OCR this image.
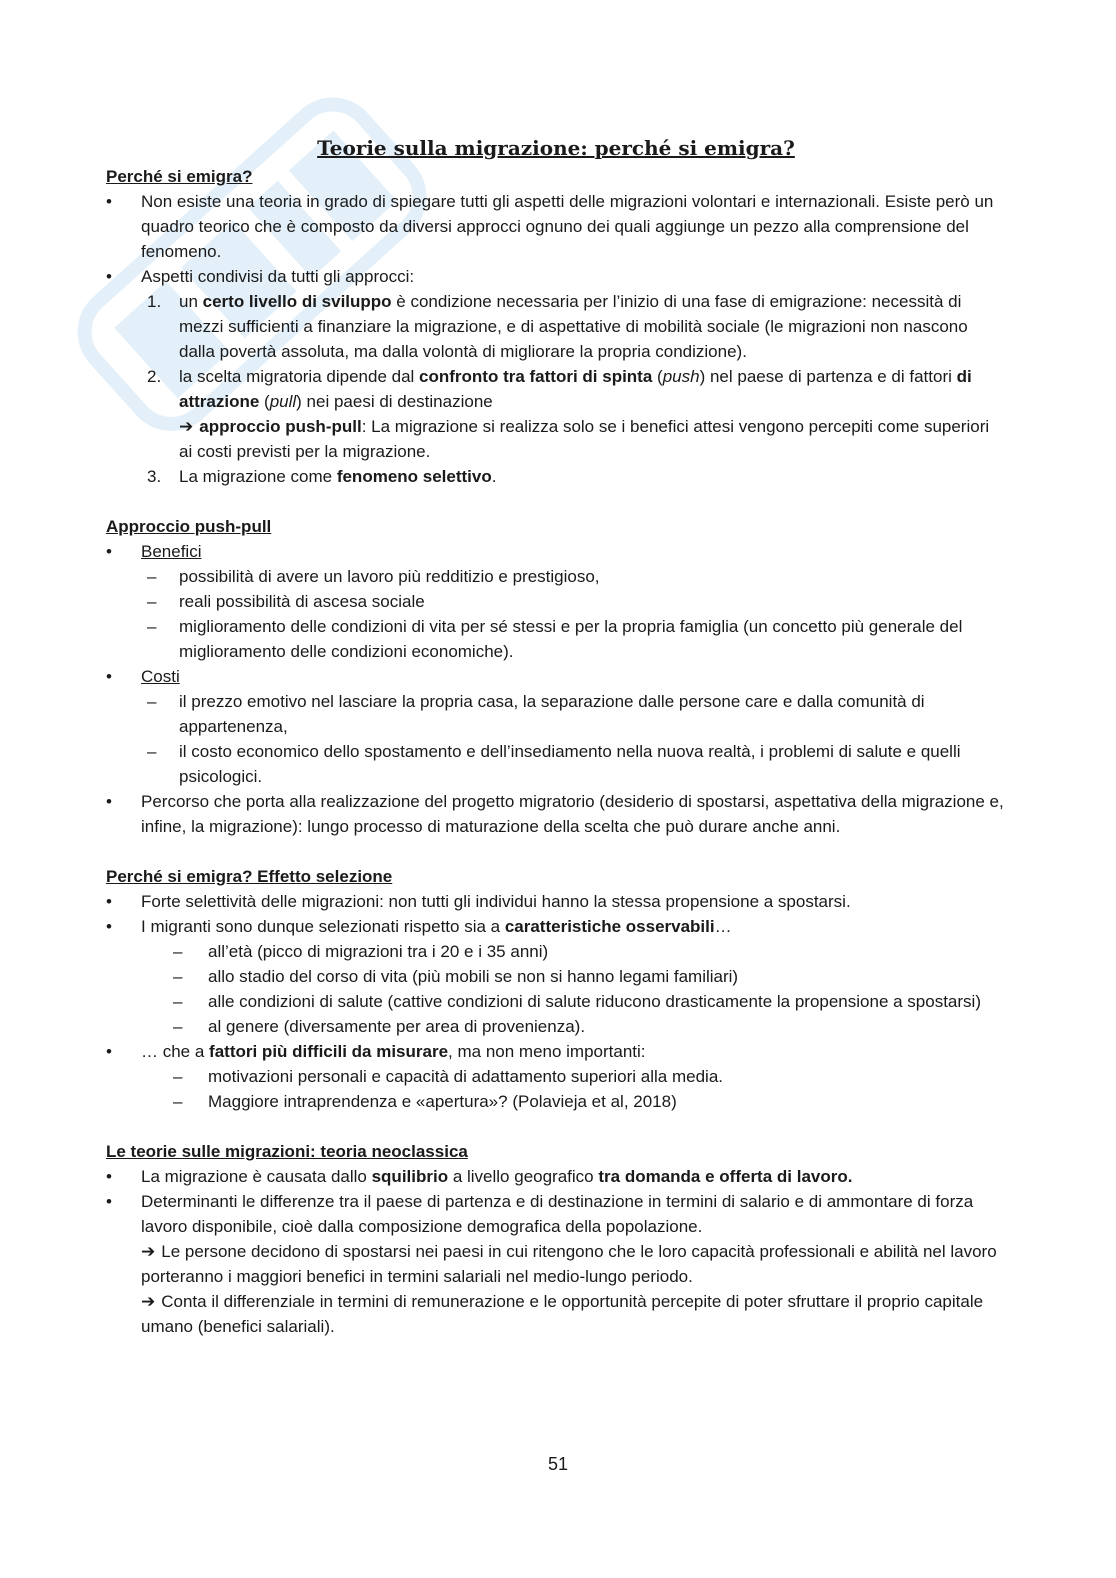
Teorie sulla migrazione: perché si emigra?

Perché si emigra?

• Non esiste una teoria in grado di spiegare tutti gli aspetti delle migrazioni volontari e internazionali. Esiste però un quadro teorico che è composto da diversi approcci ognuno dei quali aggiunge un pezzo alla comprensione del fenomeno.
• Aspetti condivisi da tutti gli approcci:
1. un certo livello di sviluppo è condizione necessaria per l’inizio di una fase di emigrazione: necessità di mezzi sufficienti a finanziare la migrazione, e di aspettative di mobilità sociale (le migrazioni non nascono dalla povertà assoluta, ma dalla volontà di migliorare la propria condizione).
2. la scelta migratoria dipende dal confronto tra fattori di spinta (push) nel paese di partenza e di fattori di attrazione (pull) nei paesi di destinazione
➔ approccio push-pull: La migrazione si realizza solo se i benefici attesi vengono percepiti come superiori ai costi previsti per la migrazione.
3. La migrazione come fenomeno selettivo.

Approccio push-pull

• Benefici
– possibilità di avere un lavoro più redditizio e prestigioso,
– reali possibilità di ascesa sociale
– miglioramento delle condizioni di vita per sé stessi e per la propria famiglia (un concetto più generale del miglioramento delle condizioni economiche).
• Costi
– il prezzo emotivo nel lasciare la propria casa, la separazione dalle persone care e dalla comunità di appartenenza,
– il costo economico dello spostamento e dell’insediamento nella nuova realtà, i problemi di salute e quelli psicologici.
• Percorso che porta alla realizzazione del progetto migratorio (desiderio di spostarsi, aspettativa della migrazione e, infine, la migrazione): lungo processo di maturazione della scelta che può durare anche anni.

Perché si emigra? Effetto selezione

• Forte selettività delle migrazioni: non tutti gli individui hanno la stessa propensione a spostarsi.
• I migranti sono dunque selezionati rispetto sia a caratteristiche osservabili…
– all’età (picco di migrazioni tra i 20 e i 35 anni)
– allo stadio del corso di vita (più mobili se non si hanno legami familiari)
– alle condizioni di salute (cattive condizioni di salute riducono drasticamente la propensione a spostarsi)
– al genere (diversamente per area di provenienza).
• … che a fattori più difficili da misurare, ma non meno importanti:
– motivazioni personali e capacità di adattamento superiori alla media.
– Maggiore intraprendenza e «apertura»? (Polavieja et al, 2018)

Le teorie sulle migrazioni: teoria neoclassica

• La migrazione è causata dallo squilibrio a livello geografico tra domanda e offerta di lavoro.
• Determinanti le differenze tra il paese di partenza e di destinazione in termini di salario e di ammontare di forza lavoro disponibile, cioè dalla composizione demografica della popolazione.
➔ Le persone decidono di spostarsi nei paesi in cui ritengono che le loro capacità professionali e abilità nel lavoro porteranno i maggiori benefici in termini salariali nel medio-lungo periodo.
➔ Conta il differenziale in termini di remunerazione e le opportunità percepite di poter sfruttare il proprio capitale umano (benefici salariali).
51
